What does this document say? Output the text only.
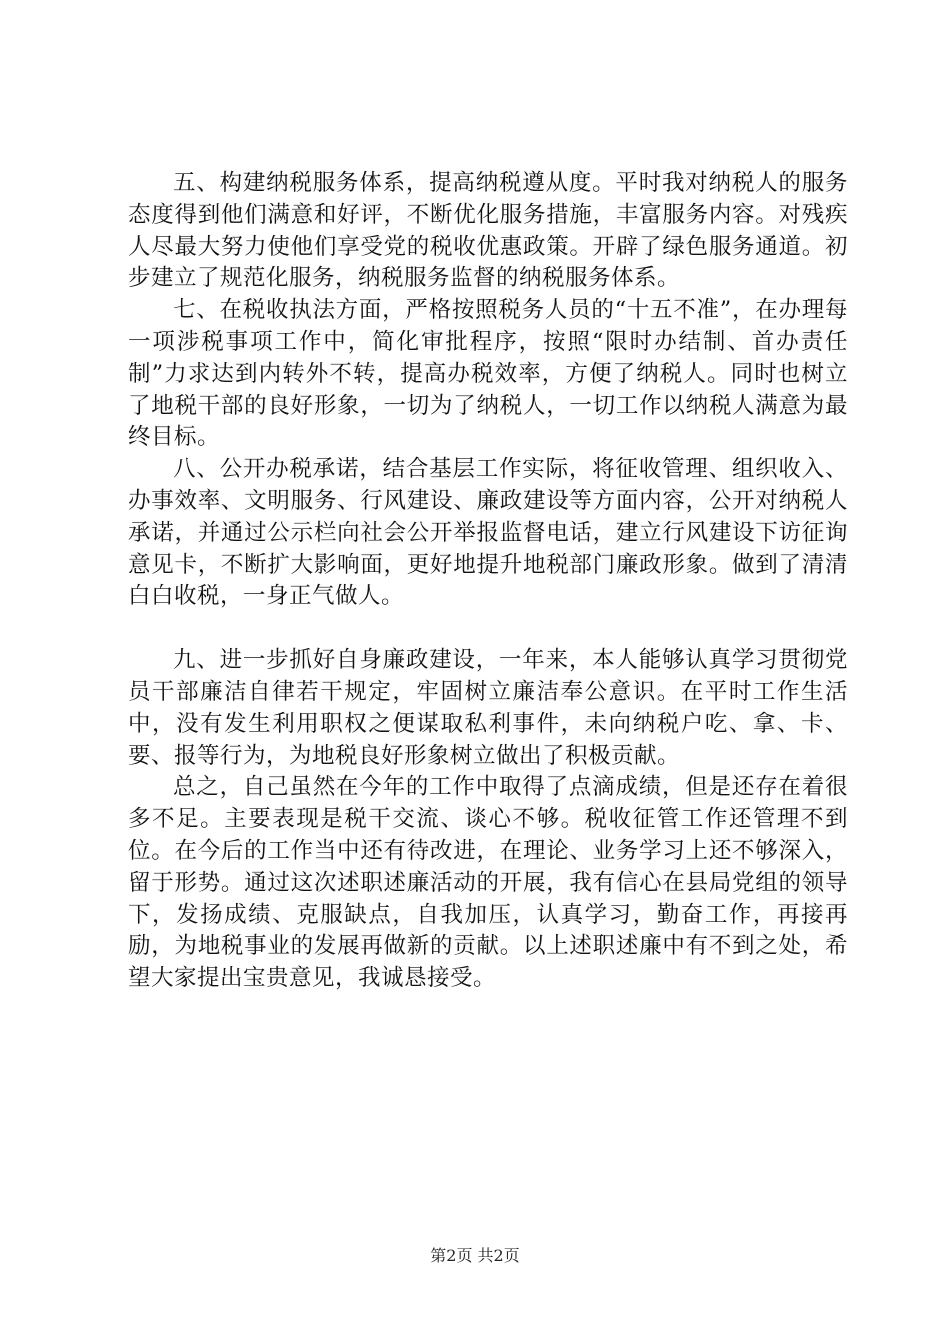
五、构建纳税服务体系，提高纳税遵从度。平时我对纳税人的服务态度得到他们满意和好评，不断优化服务措施，丰富服务内容。对残疾人尽最大努力使他们享受党的税收优惠政策。开辟了绿色服务通道。初步建立了规范化服务，纳税服务监督的纳税服务体系。

七、在税收执法方面，严格按照税务人员的“十五不准”，在办理每一项涉税事项工作中，简化审批程序，按照“限时办结制、首办责任制”力求达到内转外不转，提高办税效率，方便了纳税人。同时也树立了地税干部的良好形象，一切为了纳税人，一切工作以纳税人满意为最终目标。

八、公开办税承诺，结合基层工作实际，将征收管理、组织收入、办事效率、文明服务、行风建设、廉政建设等方面内容，公开对纳税人承诺，并通过公示栏向社会公开举报监督电话，建立行风建设下访征询意见卡，不断扩大影响面，更好地提升地税部门廉政形象。做到了清清白白收税，一身正气做人。

九、进一步抓好自身廉政建设，一年来，本人能够认真学习贯彻党员干部廉洁自律若干规定，牢固树立廉洁奉公意识。在平时工作生活中，没有发生利用职权之便谋取私利事件，未向纳税户吃、拿、卡、要、报等行为，为地税良好形象树立做出了积极贡献。

总之，自己虽然在今年的工作中取得了点滴成绩，但是还存在着很多不足。主要表现是税干交流、谈心不够。税收征管工作还管理不到位。在今后的工作当中还有待改进，在理论、业务学习上还不够深入，留于形势。通过这次述职述廉活动的开展，我有信心在县局党组的领导下，发扬成绩、克服缺点，自我加压，认真学习，勤奋工作，再接再励，为地税事业的发展再做新的贡献。以上述职述廉中有不到之处，希望大家提出宝贵意见，我诚恳接受。

第2页 共2页
